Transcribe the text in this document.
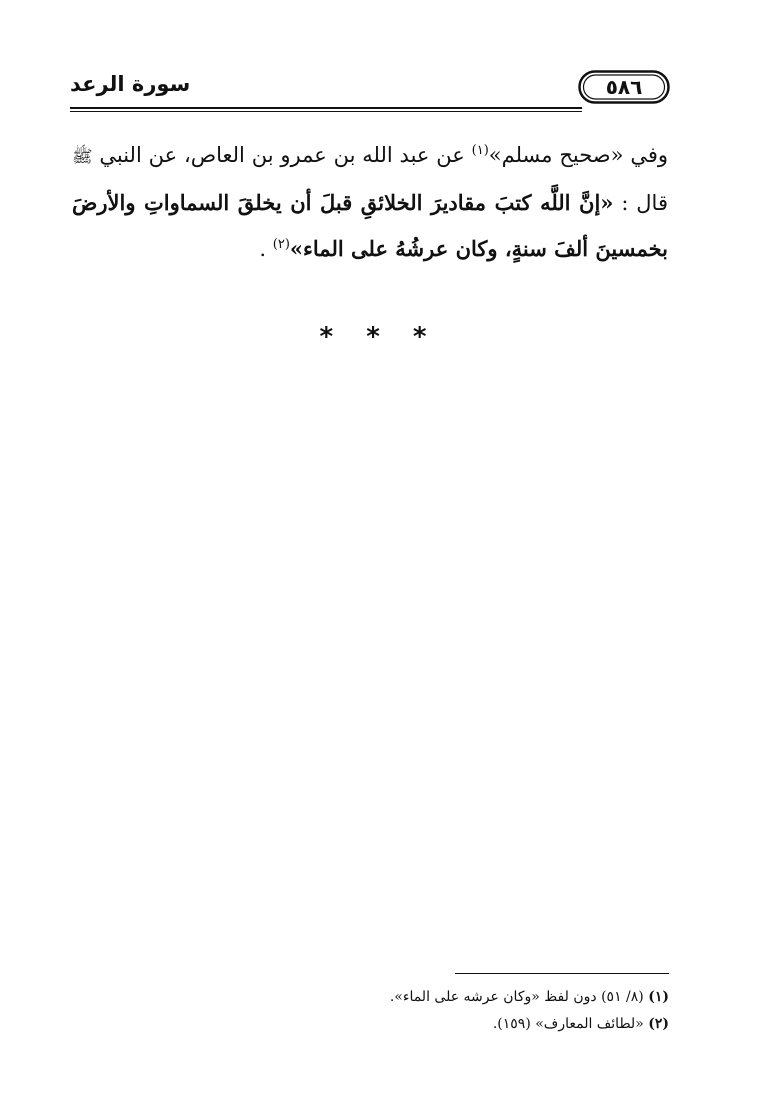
سورة الرعد	٥٨٦

وفي «صحيح مسلم»$^{(١)}$ عن عبد الله بن عمرو بن العاص، عن النبي ﷺ قال : «إنَّ اللَّه كتبَ مقاديرَ الخلائقِ قبلَ أن يخلقَ السماواتِ والأرضَ بخمسينَ ألفَ سنةٍ، وكان عرشُهُ على الماء»$^{(٢)}$ .

* * *
(١) (٨/ ٥١) دون لفظ «وكان عرشه على الماء».
(٢) «لطائف المعارف» (١٥٩).
